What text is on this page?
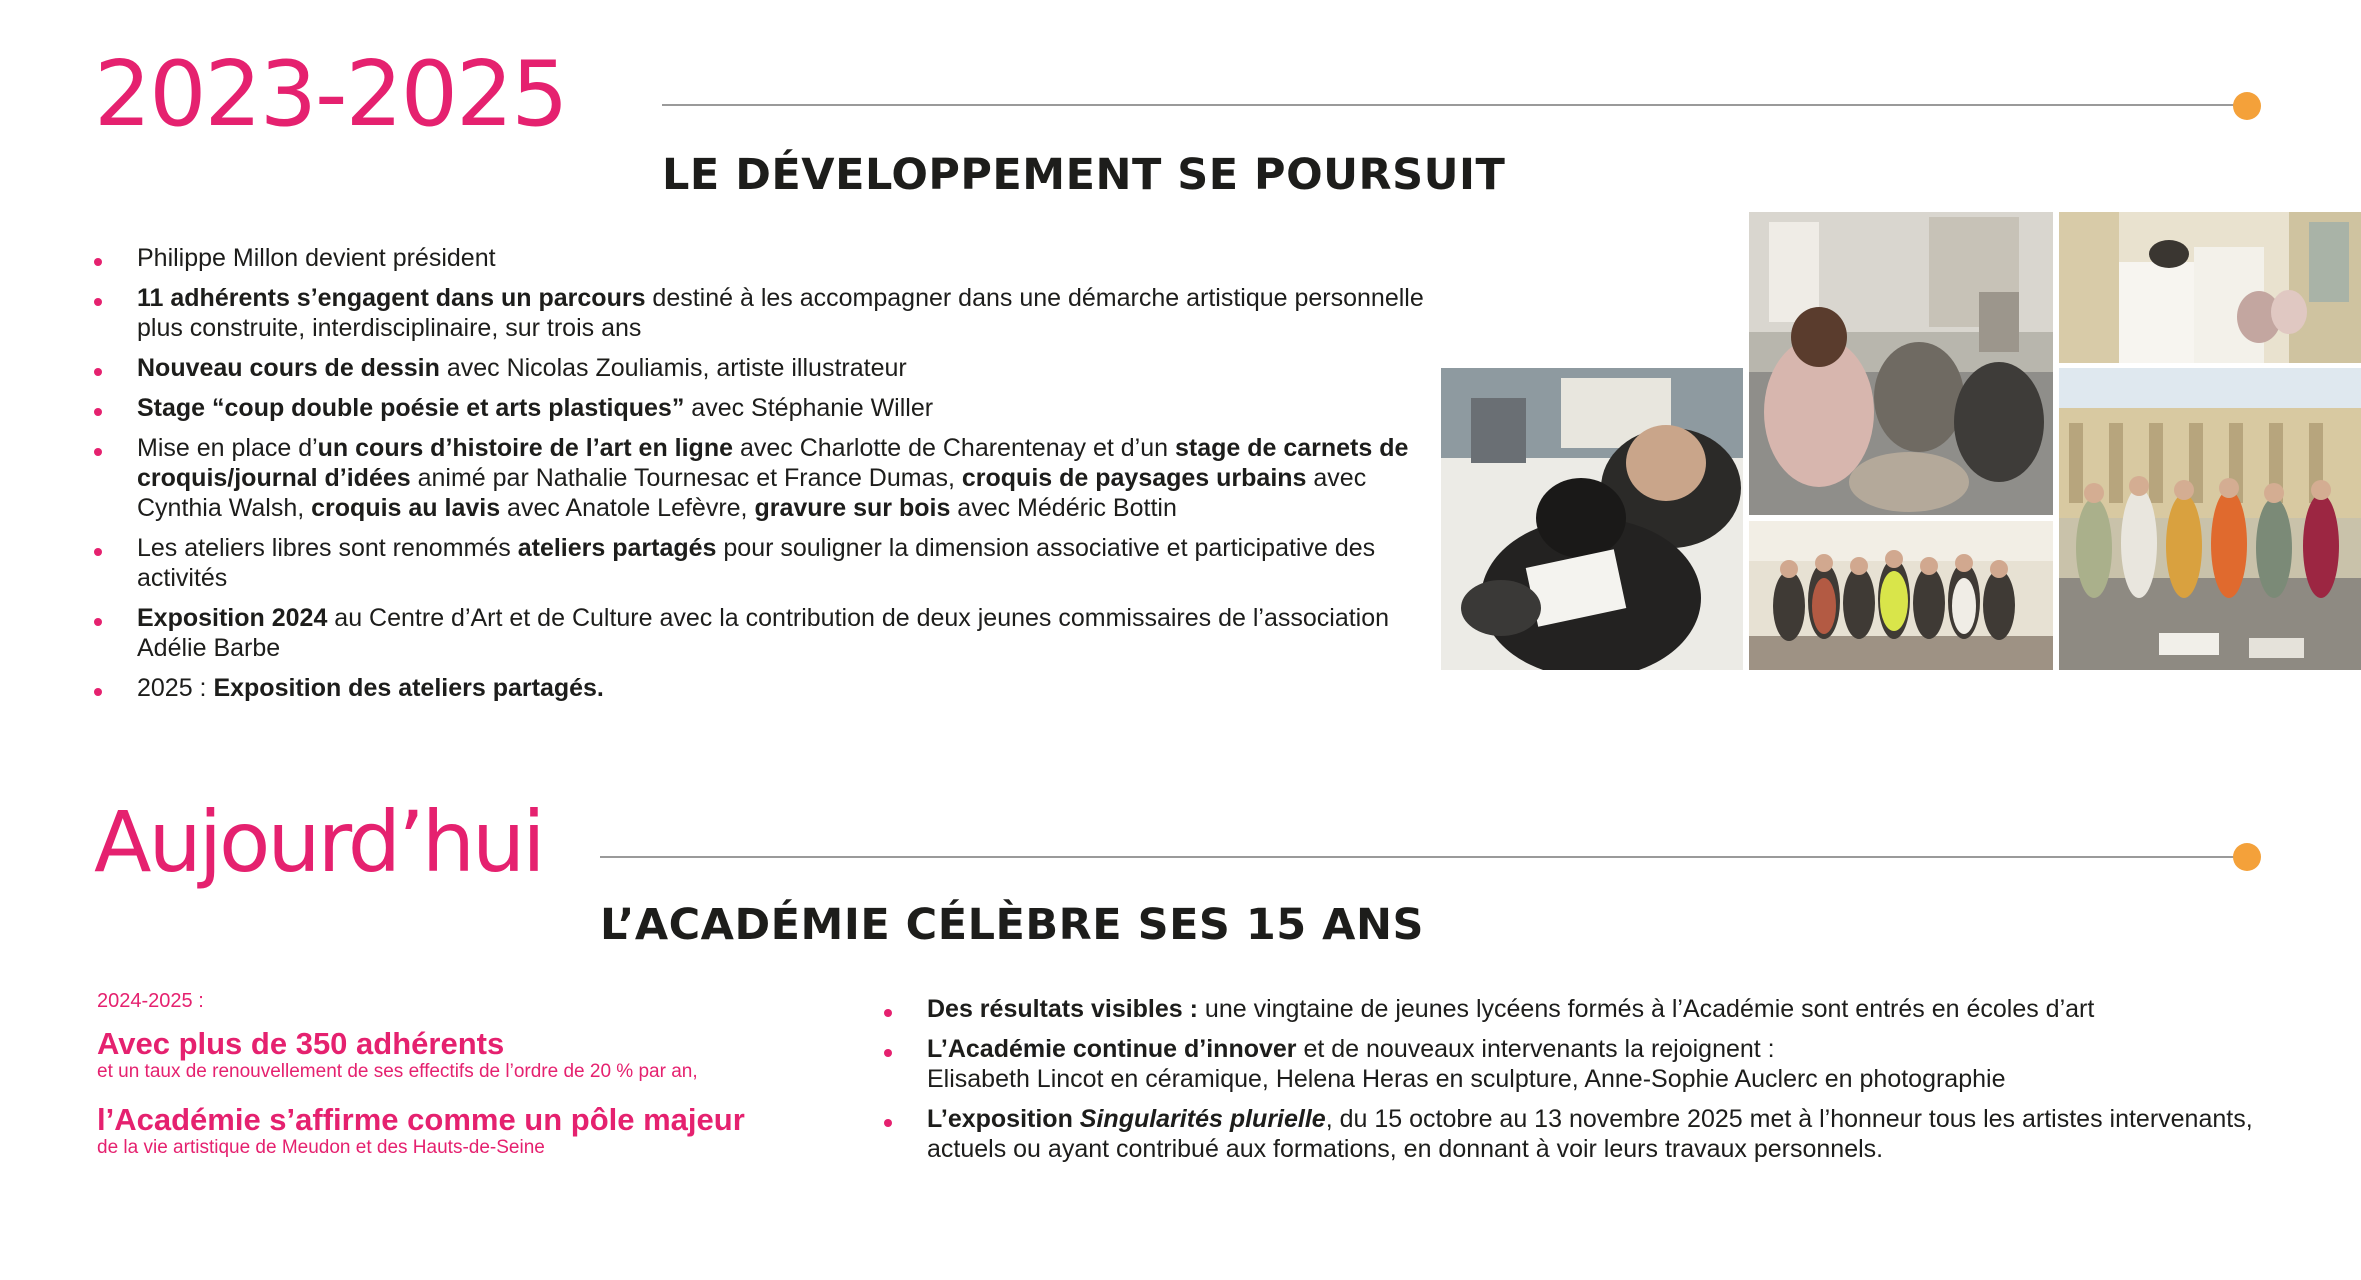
2023-2025
LE DÉVELOPPEMENT SE POURSUIT
Philippe Millon devient président
11 adhérents s’engagent dans un parcours destiné à les accompagner dans une démarche artistique personnelle plus construite, interdisciplinaire, sur trois ans
Nouveau cours de dessin avec Nicolas Zouliamis, artiste illustrateur
Stage “coup double poésie et arts plastiques” avec Stéphanie Willer
Mise en place d’un cours d’histoire de l’art en ligne avec Charlotte de Charentenay et d’un stage de carnets de croquis/journal d’idées animé par Nathalie Tournesac et France Dumas, croquis de paysages urbains avec Cynthia Walsh, croquis au lavis avec Anatole Lefèvre, gravure sur bois avec Médéric Bottin
Les ateliers libres sont renommés ateliers partagés pour souligner la dimension associative et participative des activités
Exposition 2024 au Centre d’Art et de Culture avec la contribution de deux jeunes commissaires de l’association Adélie Barbe
2025 : Exposition des ateliers partagés.
Aujourd’hui
L’ACADÉMIE CÉLÈBRE SES 15 ANS
2024-2025 :
Avec plus de 350 adhérents
et un taux de renouvellement de ses effectifs de l’ordre de 20 % par an,
l’Académie s’affirme comme un pôle majeur
de la vie artistique de Meudon et des Hauts-de-Seine
Des résultats visibles : une vingtaine de jeunes lycéens formés à l’Académie sont entrés en écoles d’art
L’Académie continue d’innover et de nouveaux intervenants la rejoignent :
Elisabeth Lincot en céramique, Helena Heras en sculpture, Anne-Sophie Auclerc en photographie
L’exposition Singularités plurielle, du 15 octobre au 13 novembre 2025 met à l’honneur tous les artistes intervenants, actuels ou ayant contribué aux formations, en donnant à voir leurs travaux personnels.
